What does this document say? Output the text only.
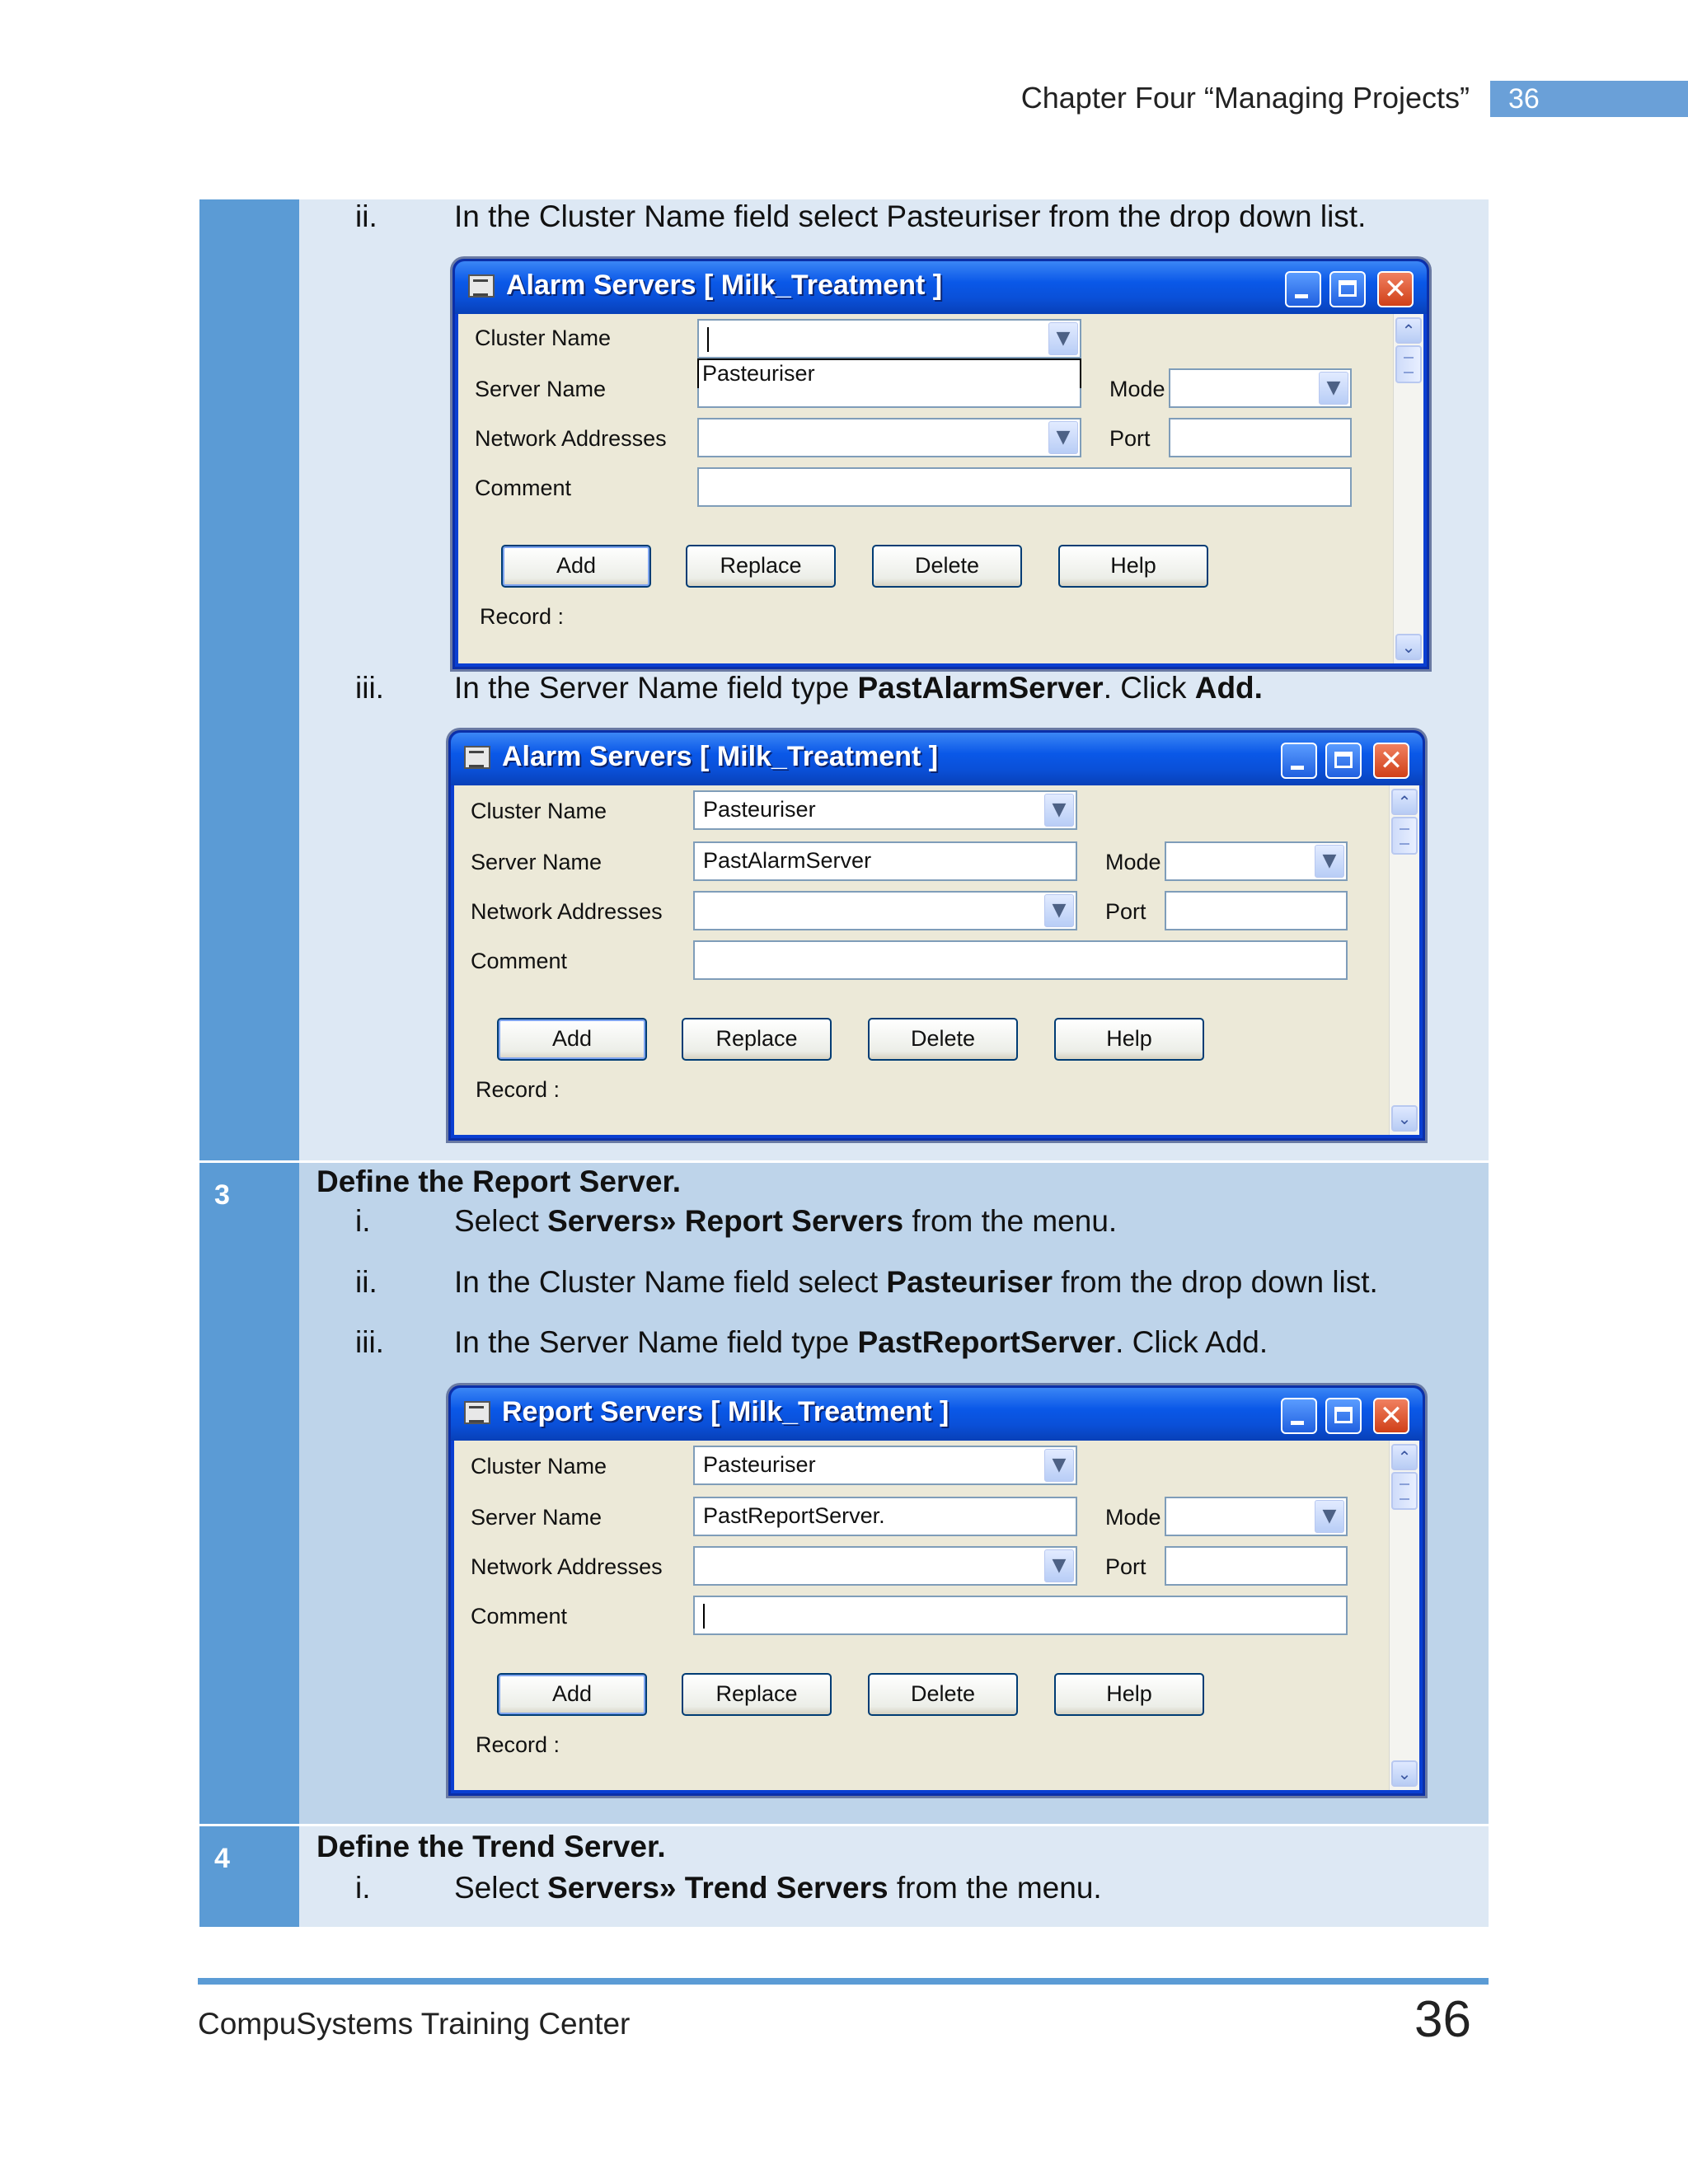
Chapter Four “Managing Projects”	36
ii.	In the Cluster Name field select Pasteuriser from the drop down list.
Alarm Servers [ Milk_Treatment ]	✕
Cluster Name	▼
Pasteuriser
Server Name	Mode	▼
Network Addresses	▼	Port
Comment
Add	Replace	Delete	Help
Record :
⌃
⌄
iii. In the Server Name field type PastAlarmServer. Click Add.
Alarm Servers [ Milk_Treatment ]	✕
Cluster Name	Pasteuriser	▼
Server Name	PastAlarmServer	Mode	▼
Network Addresses	▼	Port
Comment
Add	Replace	Delete	Help
Record :
⌃
⌄
3	Define the Report Server.
i.	Select Servers» Report Servers from the menu.
ii.	In the Cluster Name field select Pasteuriser from the drop down list.
iii. In the Server Name field type PastReportServer. Click Add.
Report Servers [ Milk_Treatment ]	✕
Cluster Name	Pasteuriser	▼
Server Name	PastReportServer.	Mode	▼
Network Addresses	▼	Port
Comment
Add	Replace	Delete	Help
Record :
⌃
⌄
4	Define the Trend Server.
i.	Select Servers» Trend Servers from the menu.
CompuSystems Training Center	36
